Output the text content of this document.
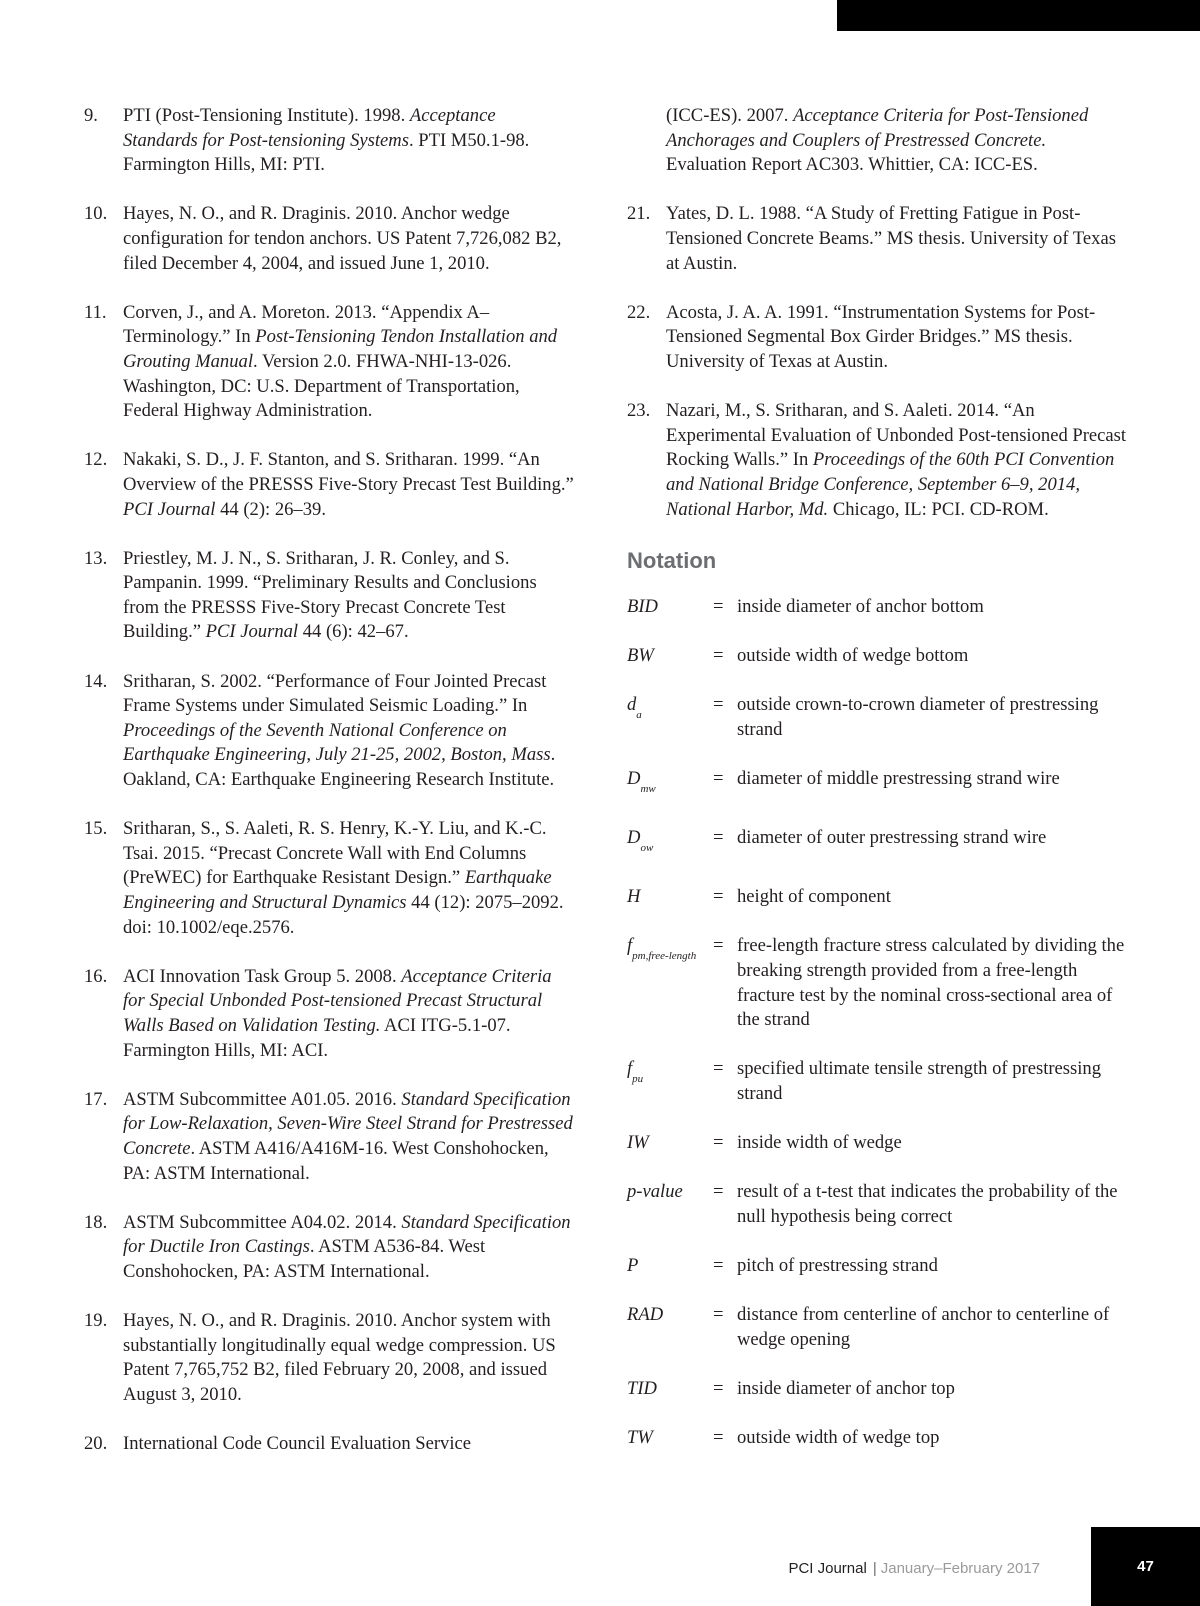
9.	PTI (Post-Tensioning Institute). 1998. Acceptance Standards for Post-tensioning Systems. PTI M50.1-98. Farmington Hills, MI: PTI.
10. Hayes, N. O., and R. Draginis. 2010. Anchor wedge configuration for tendon anchors. US Patent 7,726,082 B2, filed December 4, 2004, and issued June 1, 2010.
11. Corven, J., and A. Moreton. 2013. “Appendix A–Terminology.” In Post-Tensioning Tendon Installation and Grouting Manual. Version 2.0. FHWA-NHI-13-026. Washington, DC: U.S. Department of Transportation, Federal Highway Administration.
12. Nakaki, S. D., J. F. Stanton, and S. Sritharan. 1999. “An Overview of the PRESSS Five-Story Precast Test Building.” PCI Journal 44 (2): 26–39.
13. Priestley, M. J. N., S. Sritharan, J. R. Conley, and S. Pampanin. 1999. “Preliminary Results and Conclusions from the PRESSS Five-Story Precast Concrete Test Building.” PCI Journal 44 (6): 42–67.
14. Sritharan, S. 2002. “Performance of Four Jointed Precast Frame Systems under Simulated Seismic Loading.” In Proceedings of the Seventh National Conference on Earthquake Engineering, July 21-25, 2002, Boston, Mass. Oakland, CA: Earthquake Engineering Research Institute.
15. Sritharan, S., S. Aaleti, R. S. Henry, K.-Y. Liu, and K.-C. Tsai. 2015. “Precast Concrete Wall with End Columns (PreWEC) for Earthquake Resistant Design.” Earthquake Engineering and Structural Dynamics 44 (12): 2075–2092. doi: 10.1002/eqe.2576.
16. ACI Innovation Task Group 5. 2008. Acceptance Criteria for Special Unbonded Post-tensioned Precast Structural Walls Based on Validation Testing. ACI ITG-5.1-07. Farmington Hills, MI: ACI.
17. ASTM Subcommittee A01.05. 2016. Standard Specification for Low-Relaxation, Seven-Wire Steel Strand for Prestressed Concrete. ASTM A416/A416M-16. West Conshohocken, PA: ASTM International.
18. ASTM Subcommittee A04.02. 2014. Standard Specification for Ductile Iron Castings. ASTM A536-84. West Conshohocken, PA: ASTM International.
19. Hayes, N. O., and R. Draginis. 2010. Anchor system with substantially longitudinally equal wedge compression. US Patent 7,765,752 B2, filed February 20, 2008, and issued August 3, 2010.
20. International Code Council Evaluation Service
(ICC-ES). 2007. Acceptance Criteria for Post-Tensioned Anchorages and Couplers of Prestressed Concrete. Evaluation Report AC303. Whittier, CA: ICC-ES.
21. Yates, D. L. 1988. “A Study of Fretting Fatigue in Post-Tensioned Concrete Beams.” MS thesis. University of Texas at Austin.
22. Acosta, J. A. A. 1991. “Instrumentation Systems for Post-Tensioned Segmental Box Girder Bridges.” MS thesis. University of Texas at Austin.
23. Nazari, M., S. Sritharan, and S. Aaleti. 2014. “An Experimental Evaluation of Unbonded Post-tensioned Precast Rocking Walls.” In Proceedings of the 60th PCI Convention and National Bridge Conference, September 6–9, 2014, National Harbor, Md. Chicago, IL: PCI. CD-ROM.
Notation
BID	= inside diameter of anchor bottom
BW	= outside width of wedge bottom
$d_a$	= outside crown-to-crown diameter of prestressing strand
$D_{mw}$	= diameter of middle prestressing strand wire
$D_{ow}$	= diameter of outer prestressing strand wire
H	= height of component
$f_{pm,free-length}$ = free-length fracture stress calculated by dividing the breaking strength provided from a free-length fracture test by the nominal cross-sectional area of the strand
$f_{pu}$	= specified ultimate tensile strength of prestressing strand
IW	= inside width of wedge
p-value	= result of a t-test that indicates the probability of the null hypothesis being correct
P	= pitch of prestressing strand
RAD	= distance from centerline of anchor to centerline of wedge opening
TID	= inside diameter of anchor top
TW	= outside width of wedge top
PCI Journal | January–February 2017	47
